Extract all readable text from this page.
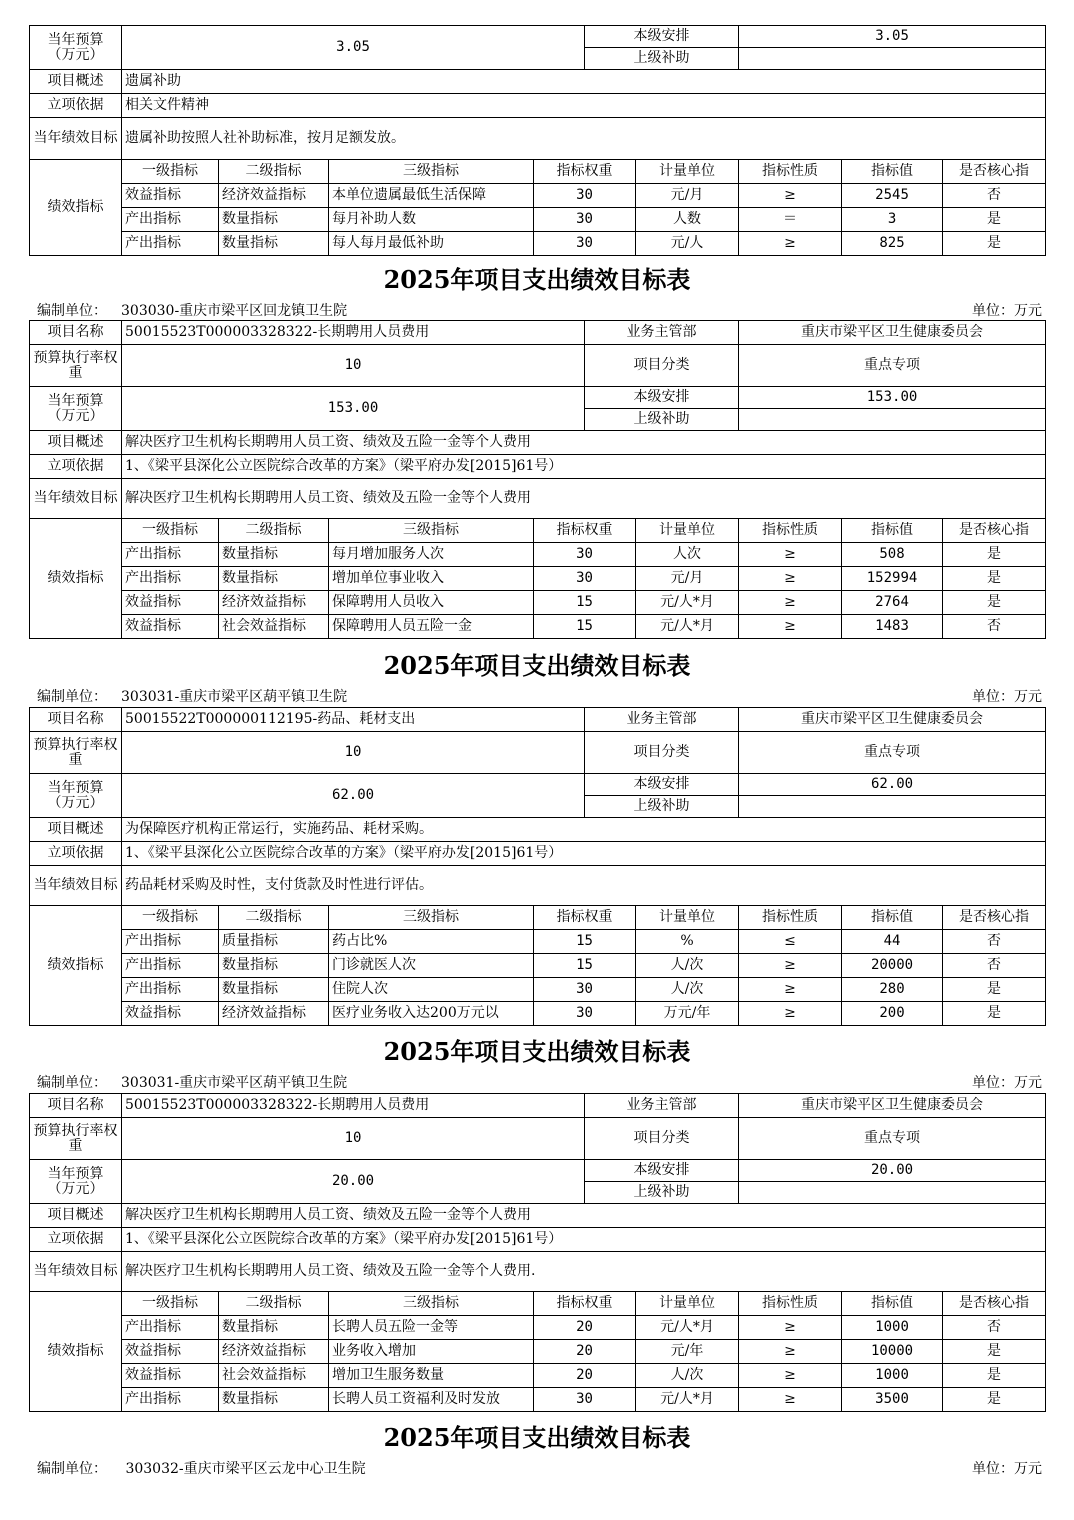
当年预算 （万元）	3.05				本级安排		3.05		
					上级补助				
项目概述	遗属补助								
立项依据	相关文件精神								
当年绩效目标	遗属补助按照人社补助标准，按月足额发放。								
绩效指标	一级指标	二级指标	三级指标	指标权重		计量单位	指标性质	指标值	是否核心指
	效益指标	经济效益指标	本单位遗属最低生活保障	30		元/月	≥	2545	否
	产出指标	数量指标	每月补助人数	30		人数	＝	3	是
	产出指标	数量指标	每人每月最低补助	30		元/人	≥	825	是
2025年项目支出绩效目标表
编制单位： 303030-重庆市梁平区回龙镇卫生院	单位：万元
项目名称	50015523T000003328322-长期聘用人员费用				业务主管部		重庆市梁平区卫生健康委员会		
预算执行率权重	10				项目分类		重点专项		
当年预算 （万元）	153.00				本级安排		153.00		
					上级补助				
项目概述	解决医疗卫生机构长期聘用人员工资、绩效及五险一金等个人费用								
立项依据	1、《梁平县深化公立医院综合改革的方案》（梁平府办发[2015]61号）								
当年绩效目标	解决医疗卫生机构长期聘用人员工资、绩效及五险一金等个人费用								
绩效指标	一级指标	二级指标	三级指标	指标权重		计量单位	指标性质	指标值	是否核心指
	产出指标	数量指标	每月增加服务人次	30		人次	≥	508	是
	产出指标	数量指标	增加单位事业收入	30		元/月	≥	152994	是
	效益指标	经济效益指标	保障聘用人员收入	15		元/人*月	≥	2764	是
	效益指标	社会效益指标	保障聘用人员五险一金	15		元/人*月	≥	1483	否
2025年项目支出绩效目标表
编制单位： 303031-重庆市梁平区葫平镇卫生院	单位：万元
项目名称	50015522T000000112195-药品、耗材支出				业务主管部		重庆市梁平区卫生健康委员会		
预算执行率权重	10				项目分类		重点专项		
当年预算 （万元）	62.00				本级安排		62.00		
					上级补助				
项目概述	为保障医疗机构正常运行，实施药品、耗材采购。								
立项依据	1、《梁平县深化公立医院综合改革的方案》（梁平府办发[2015]61号）								
当年绩效目标	药品耗材采购及时性，支付货款及时性进行评估。								
绩效指标	一级指标	二级指标	三级指标	指标权重		计量单位	指标性质	指标值	是否核心指
	产出指标	质量指标	药占比%	15		%	≤	44	否
	产出指标	数量指标	门诊就医人次	15		人/次	≥	20000	否
	产出指标	数量指标	住院人次	30		人/次	≥	280	是
	效益指标	经济效益指标	医疗业务收入达200万元以	30		万元/年	≥	200	是
2025年项目支出绩效目标表
编制单位： 303031-重庆市梁平区葫平镇卫生院	单位：万元
项目名称	50015523T000003328322-长期聘用人员费用				业务主管部		重庆市梁平区卫生健康委员会		
预算执行率权重	10				项目分类		重点专项		
当年预算 （万元）	20.00				本级安排		20.00		
					上级补助				
项目概述	解决医疗卫生机构长期聘用人员工资、绩效及五险一金等个人费用								
立项依据	1、《梁平县深化公立医院综合改革的方案》（梁平府办发[2015]61号）								
当年绩效目标	解决医疗卫生机构长期聘用人员工资、绩效及五险一金等个人费用.								
绩效指标	一级指标	二级指标	三级指标	指标权重		计量单位	指标性质	指标值	是否核心指
	产出指标	数量指标	长聘人员五险一金等	20		元/人*月	≥	1000	否
	效益指标	经济效益指标	业务收入增加	20		元/年	≥	10000	是
	效益指标	社会效益指标	增加卫生服务数量	20		人/次	≥	1000	是
	产出指标	数量指标	长聘人员工资福利及时发放	30		元/人*月	≥	3500	是
2025年项目支出绩效目标表
编制单位： 303032-重庆市梁平区云龙中心卫生院	单位：万元
